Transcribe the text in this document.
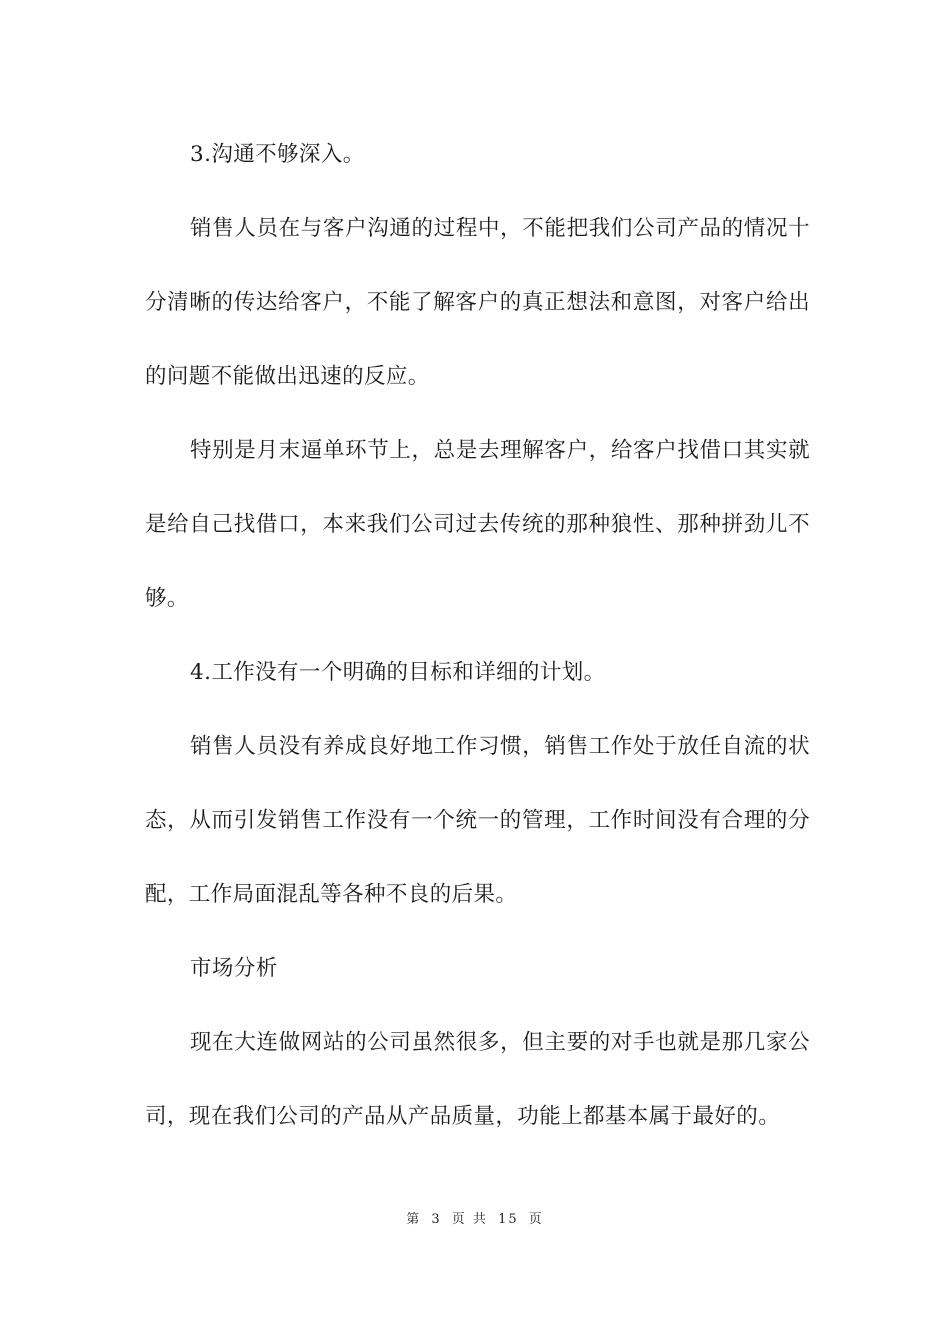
3.沟通不够深入。

销售人员在与客户沟通的过程中，不能把我们公司产品的情况十分清晰的传达给客户，不能了解客户的真正想法和意图，对客户给出的问题不能做出迅速的反应。

特别是月末逼单环节上，总是去理解客户，给客户找借口其实就是给自己找借口，本来我们公司过去传统的那种狼性、那种拼劲儿不够。

4.工作没有一个明确的目标和详细的计划。

销售人员没有养成良好地工作习惯，销售工作处于放任自流的状态，从而引发销售工作没有一个统一的管理，工作时间没有合理的分配，工作局面混乱等各种不良的后果。

市场分析

现在大连做网站的公司虽然很多，但主要的对手也就是那几家公司，现在我们公司的产品从产品质量，功能上都基本属于最好的。

第 3 页 共 15 页
